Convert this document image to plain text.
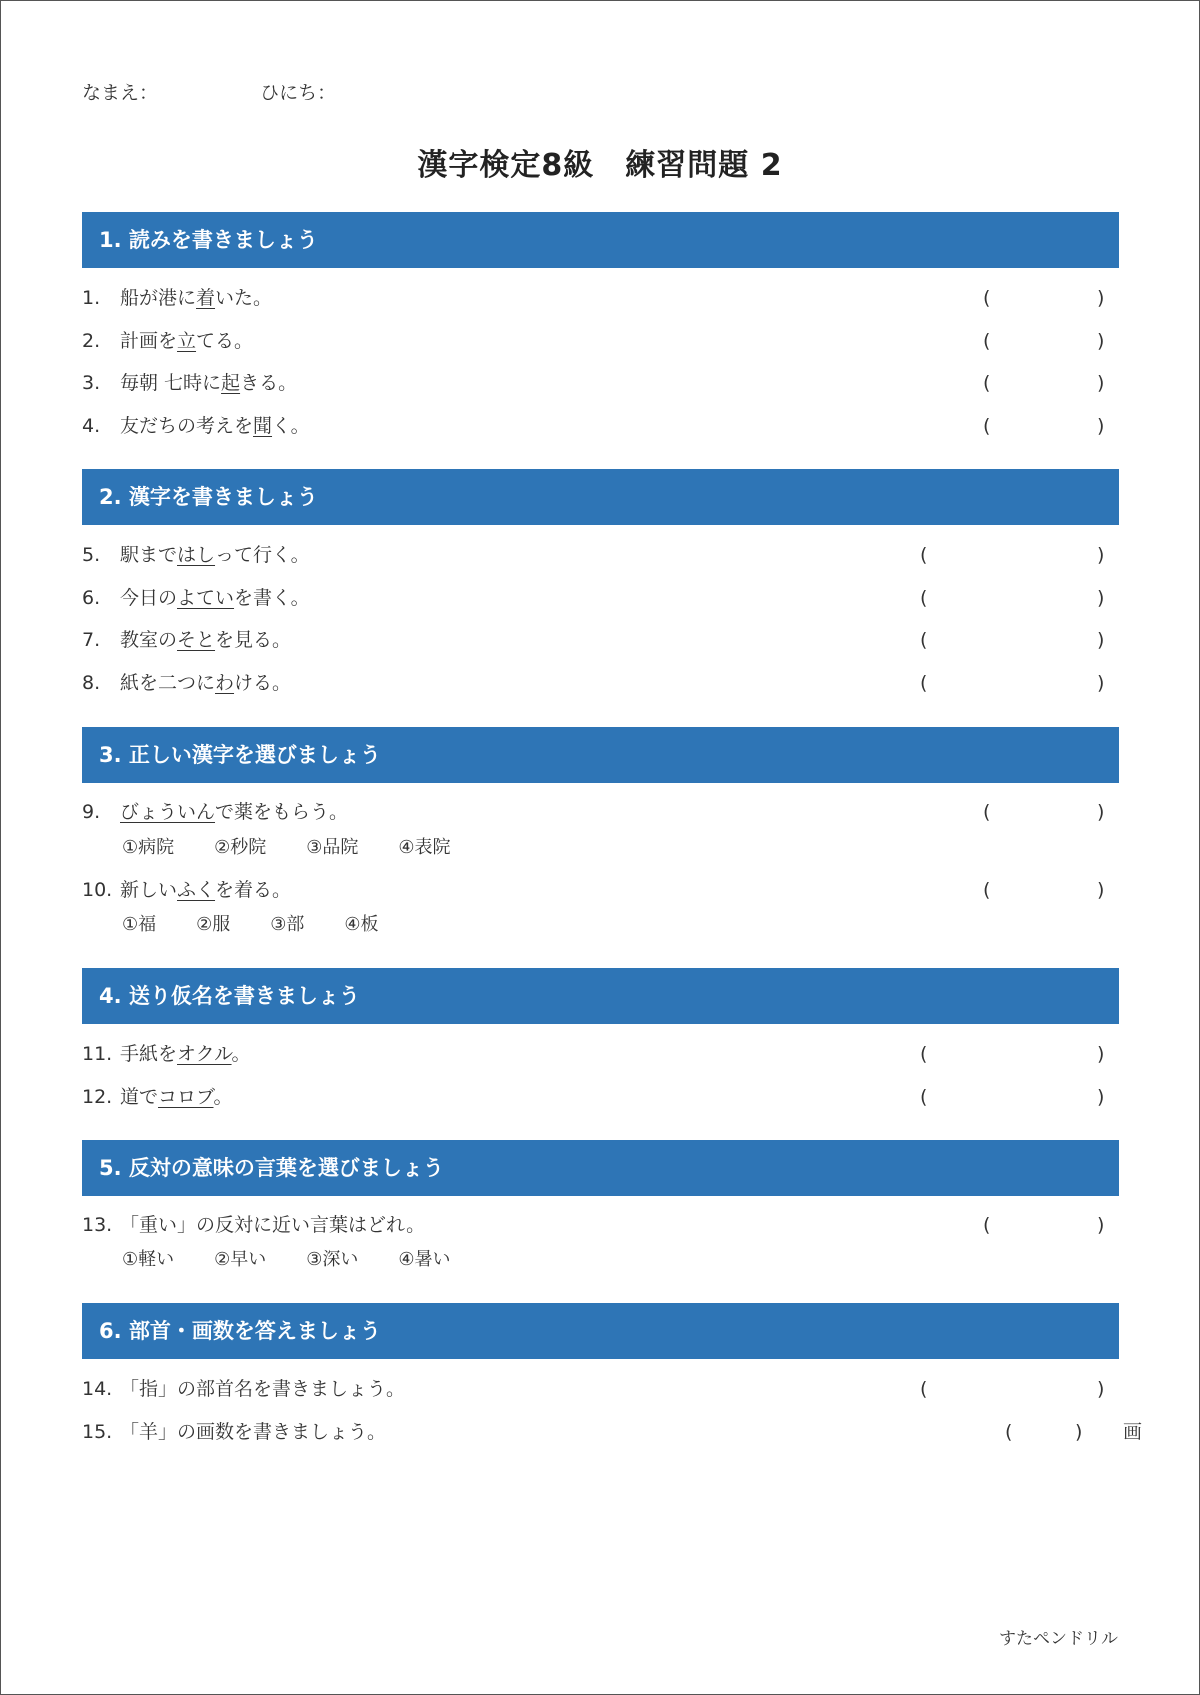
なまえ：	ひにち：
漢字検定8級　練習問題 2
1. 読みを書きましょう
1. 船が港に着いた。	(	)
2. 計画を立てる。	(	)
3. 毎朝 七時に起きる。	(	)
4. 友だちの考えを聞く。	(	)
2. 漢字を書きましょう
5. 駅まではしって行く。	(	)
6. 今日のよていを書く。	(	)
7. 教室のそとを見る。	(	)
8. 紙を二つにわける。	(	)
3. 正しい漢字を選びましょう
9. びょういんで薬をもらう。	(	)
①病院 ②秒院 ③品院 ④表院
10. 新しいふくを着る。	(	)
①福 ②服 ③部 ④板
4. 送り仮名を書きましょう
11. 手紙をオクル。	(	)
12. 道でコロブ。	(	)
5. 反対の意味の言葉を選びましょう
13. 「重い」の反対に近い言葉はどれ。	(	)
①軽い ②早い ③深い ④暑い
6. 部首・画数を答えましょう
14. 「指」の部首名を書きましょう。	(	)
15. 「羊」の画数を書きましょう。	(	) 画
すたペンドリル
